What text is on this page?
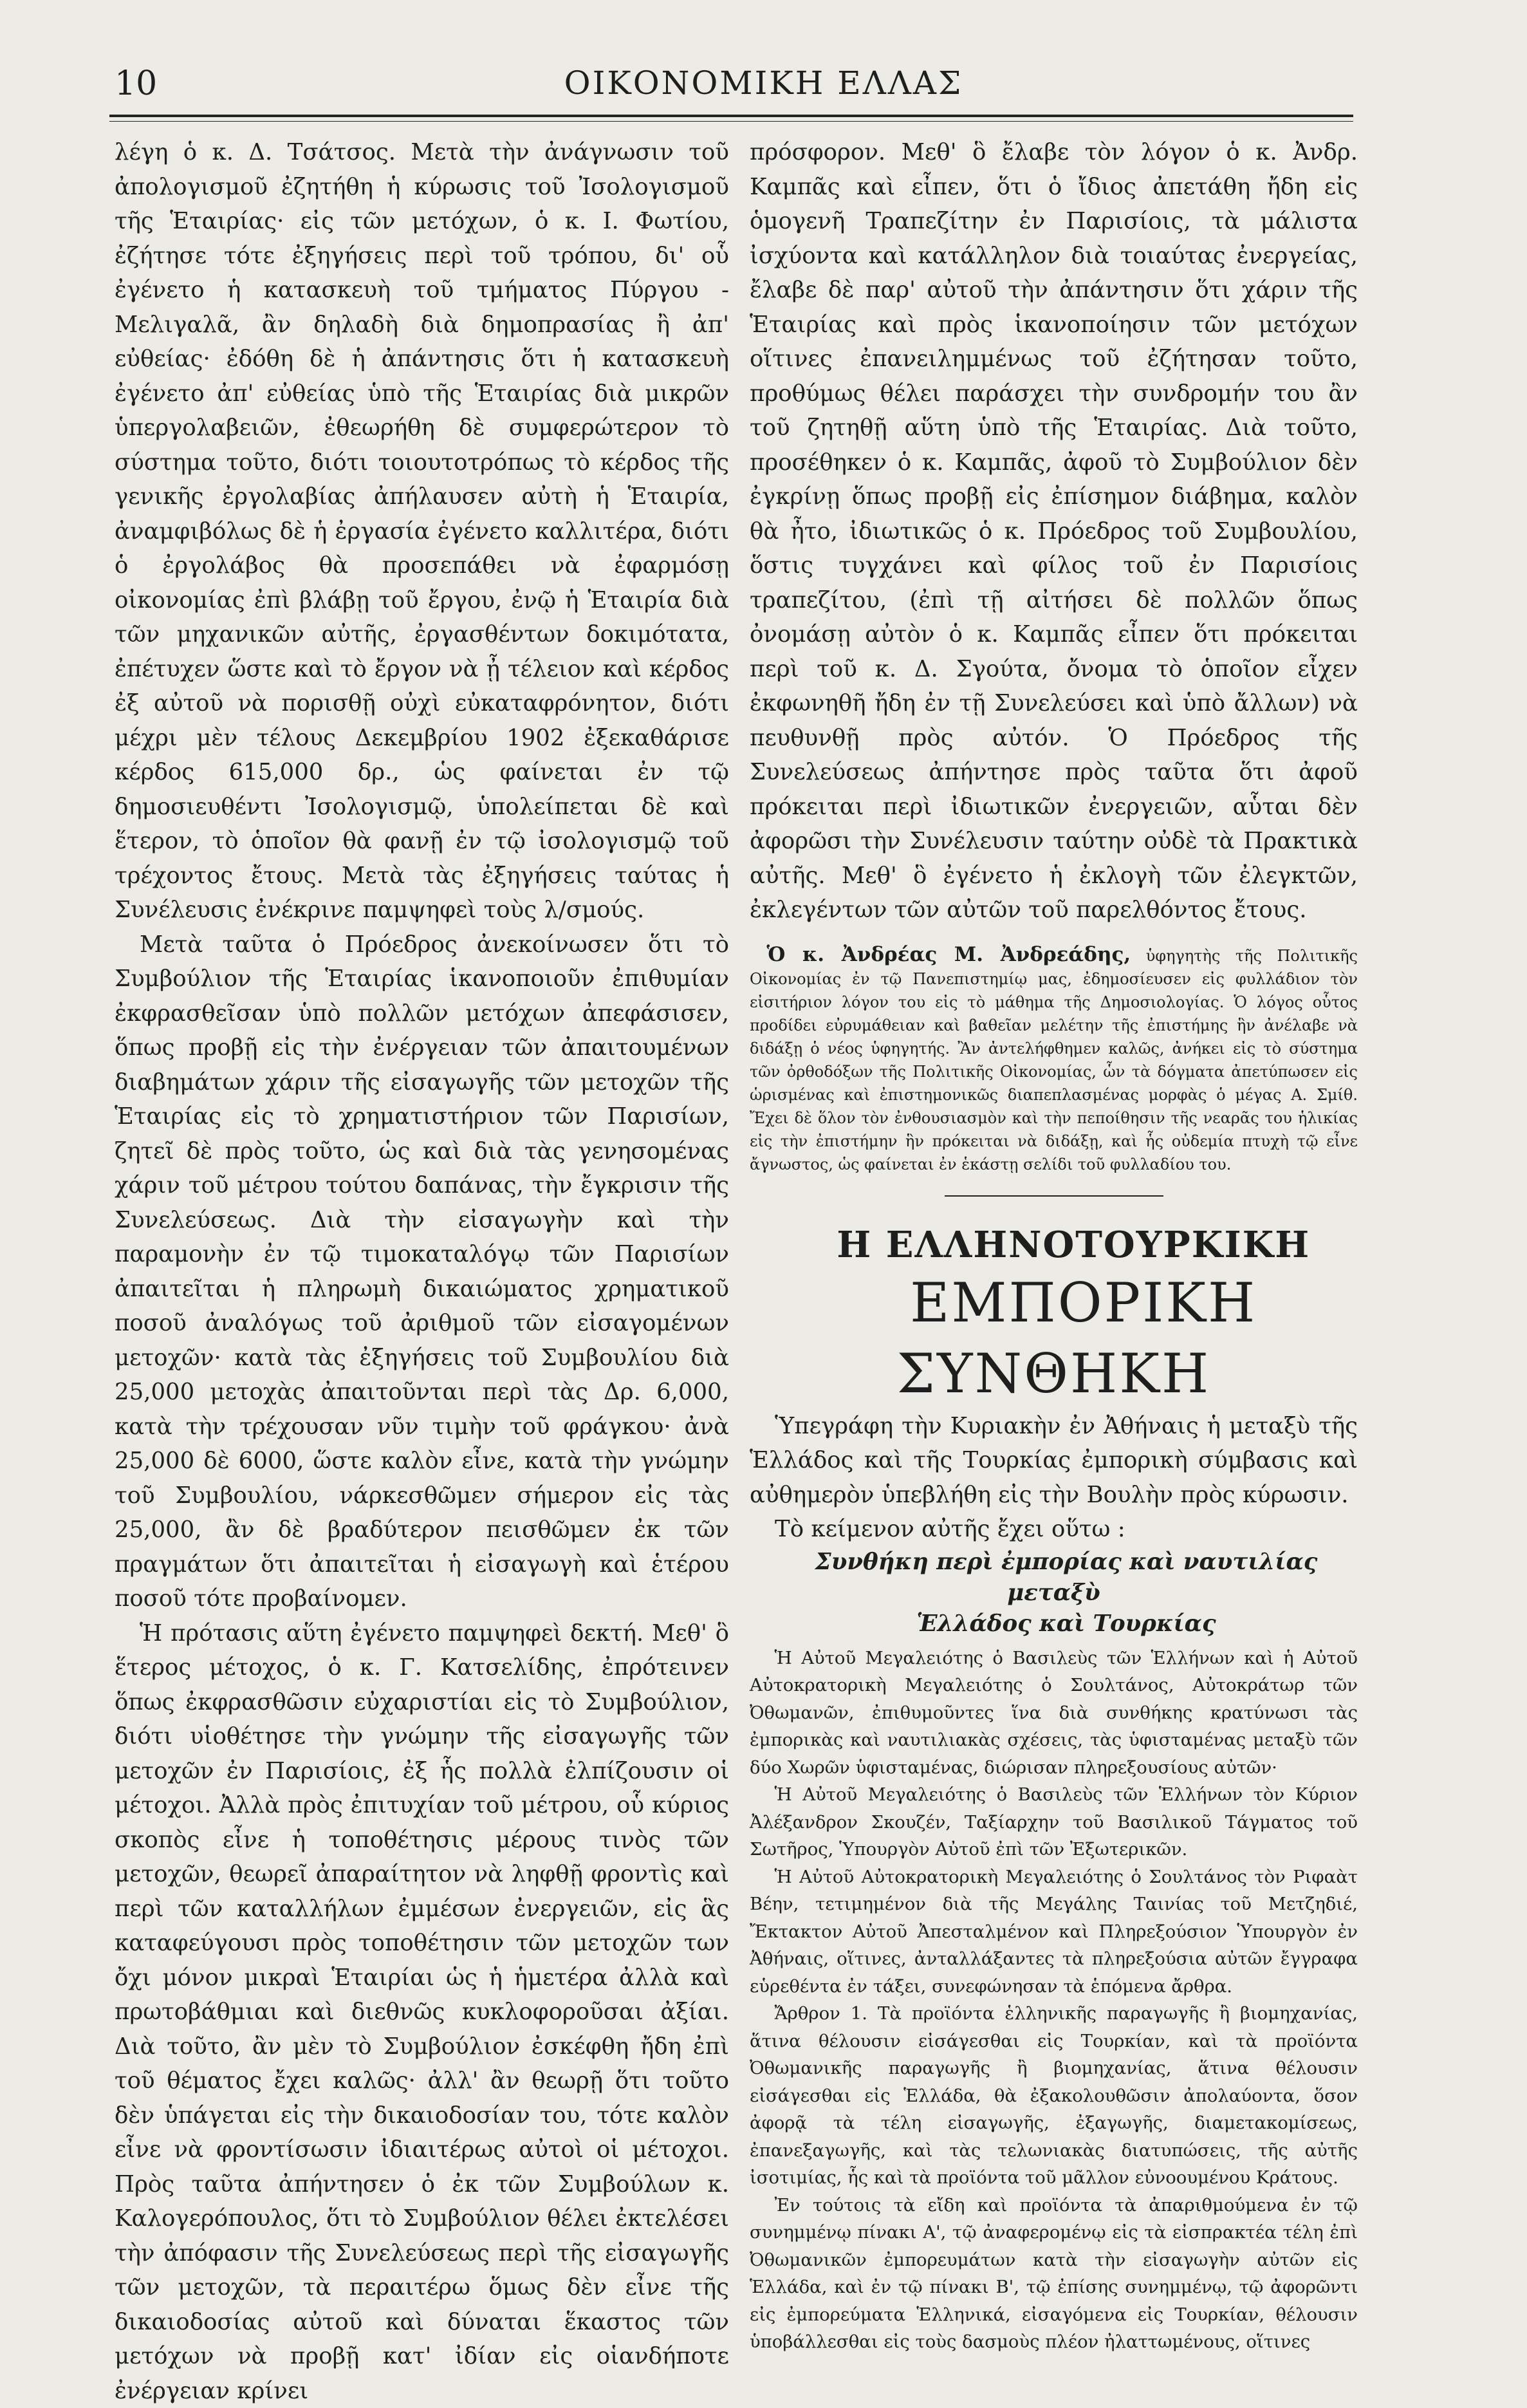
10	ΟΙΚΟΝΟΜΙΚΗ ΕΛΛΑΣ

λέγη ὁ κ. Δ. Τσάτσος. Μετὰ τὴν ἀνάγνωσιν τοῦ ἀπολογισμοῦ ἐζητήθη ἡ κύρωσις τοῦ Ἰσολογισμοῦ τῆς Ἑταιρίας· εἰς τῶν μετόχων, ὁ κ. Ι. Φωτίου, ἐζήτησε τότε ἐξηγήσεις περὶ τοῦ τρόπου, δι' οὗ ἐγένετο ἡ κατασκευὴ τοῦ τμήματος Πύργου - Μελιγαλᾶ, ἂν δηλαδὴ διὰ δημοπρασίας ἢ ἀπ' εὐθείας· ἐδόθη δὲ ἡ ἀπάντησις ὅτι ἡ κατασκευὴ ἐγένετο ἀπ' εὐθείας ὑπὸ τῆς Ἑταιρίας διὰ μικρῶν ὑπεργολαβειῶν, ἐθεωρήθη δὲ συμφερώτερον τὸ σύστημα τοῦτο, διότι τοιουτοτρόπως τὸ κέρδος τῆς γενικῆς ἐργολαβίας ἀπήλαυσεν αὐτὴ ἡ Ἑταιρία, ἀναμφιβόλως δὲ ἡ ἐργασία ἐγένετο καλλιτέρα, διότι ὁ ἐργολάβος θὰ προσεπάθει νὰ ἐφαρμόσῃ οἰκονομίας ἐπὶ βλάβῃ τοῦ ἔργου, ἐνῷ ἡ Ἑταιρία διὰ τῶν μηχανικῶν αὐτῆς, ἐργασθέντων δοκιμότατα, ἐπέτυχεν ὥστε καὶ τὸ ἔργον νὰ ᾖ τέλειον καὶ κέρδος ἐξ αὐτοῦ νὰ πορισθῇ οὐχὶ εὐκαταφρόνητον, διότι μέχρι μὲν τέλους Δεκεμβρίου 1902 ἐξεκαθάρισε κέρδος 615,000 δρ., ὡς φαίνεται ἐν τῷ δημοσιευθέντι Ἰσολογισμῷ, ὑπολείπεται δὲ καὶ ἕτερον, τὸ ὁποῖον θὰ φανῇ ἐν τῷ ἰσολογισμῷ τοῦ τρέχοντος ἔτους. Μετὰ τὰς ἐξηγήσεις ταύτας ἡ Συνέλευσις ἐνέκρινε παμψηφεὶ τοὺς λ/σμούς.

Μετὰ ταῦτα ὁ Πρόεδρος ἀνεκοίνωσεν ὅτι τὸ Συμβούλιον τῆς Ἑταιρίας ἱκανοποιοῦν ἐπιθυμίαν ἐκφρασθεῖσαν ὑπὸ πολλῶν μετόχων ἀπεφάσισεν, ὅπως προβῇ εἰς τὴν ἐνέργειαν τῶν ἀπαιτουμένων διαβημάτων χάριν τῆς εἰσαγωγῆς τῶν μετοχῶν τῆς Ἑταιρίας εἰς τὸ χρηματιστήριον τῶν Παρισίων, ζητεῖ δὲ πρὸς τοῦτο, ὡς καὶ διὰ τὰς γενησομένας χάριν τοῦ μέτρου τούτου δαπάνας, τὴν ἔγκρισιν τῆς Συνελεύσεως. Διὰ τὴν εἰσαγωγὴν καὶ τὴν παραμονὴν ἐν τῷ τιμοκαταλόγῳ τῶν Παρισίων ἀπαιτεῖται ἡ πληρωμὴ δικαιώματος χρηματικοῦ ποσοῦ ἀναλόγως τοῦ ἀριθμοῦ τῶν εἰσαγομένων μετοχῶν· κατὰ τὰς ἐξηγήσεις τοῦ Συμβουλίου διὰ 25,000 μετοχὰς ἀπαιτοῦνται περὶ τὰς Δρ. 6,000, κατὰ τὴν τρέχουσαν νῦν τιμὴν τοῦ φράγκου· ἀνὰ 25,000 δὲ 6000, ὥστε καλὸν εἶνε, κατὰ τὴν γνώμην τοῦ Συμβουλίου, νάρκεσθῶμεν σήμερον εἰς τὰς 25,000, ἂν δὲ βραδύτερον πεισθῶμεν ἐκ τῶν πραγμάτων ὅτι ἀπαιτεῖται ἡ εἰσαγωγὴ καὶ ἑτέρου ποσοῦ τότε προβαίνομεν.

Ἡ πρότασις αὕτη ἐγένετο παμψηφεὶ δεκτή. Μεθ' ὃ ἕτερος μέτοχος, ὁ κ. Γ. Κατσελίδης, ἐπρότεινεν ὅπως ἐκφρασθῶσιν εὐχαριστίαι εἰς τὸ Συμβούλιον, διότι υἱοθέτησε τὴν γνώμην τῆς εἰσαγωγῆς τῶν μετοχῶν ἐν Παρισίοις, ἐξ ἧς πολλὰ ἐλπίζουσιν οἱ μέτοχοι. Ἀλλὰ πρὸς ἐπιτυχίαν τοῦ μέτρου, οὗ κύριος σκοπὸς εἶνε ἡ τοποθέτησις μέρους τινὸς τῶν μετοχῶν, θεωρεῖ ἀπαραίτητον νὰ ληφθῇ φροντὶς καὶ περὶ τῶν καταλλήλων ἐμμέσων ἐνεργειῶν, εἰς ἃς καταφεύγουσι πρὸς τοποθέτησιν τῶν μετοχῶν των ὄχι μόνον μικραὶ Ἑταιρίαι ὡς ἡ ἡμετέρα ἀλλὰ καὶ πρωτοβάθμιαι καὶ διεθνῶς κυκλοφοροῦσαι ἀξίαι. Διὰ τοῦτο, ἂν μὲν τὸ Συμβούλιον ἐσκέφθη ἤδη ἐπὶ τοῦ θέματος ἔχει καλῶς· ἀλλ' ἂν θεωρῇ ὅτι τοῦτο δὲν ὑπάγεται εἰς τὴν δικαιοδοσίαν του, τότε καλὸν εἶνε νὰ φροντίσωσιν ἰδιαιτέρως αὐτοὶ οἱ μέτοχοι. Πρὸς ταῦτα ἀπήντησεν ὁ ἐκ τῶν Συμβούλων κ. Καλογερόπουλος, ὅτι τὸ Συμβούλιον θέλει ἐκτελέσει τὴν ἀπόφασιν τῆς Συνελεύσεως περὶ τῆς εἰσαγωγῆς τῶν μετοχῶν, τὰ περαιτέρω ὅμως δὲν εἶνε τῆς δικαιοδοσίας αὐτοῦ καὶ δύναται ἕκαστος τῶν μετόχων νὰ προβῇ κατ' ἰδίαν εἰς οἱανδήποτε ἐνέργειαν κρίνει

πρόσφορον. Μεθ' ὃ ἔλαβε τὸν λόγον ὁ κ. Ἀνδρ. Καμπᾶς καὶ εἶπεν, ὅτι ὁ ἴδιος ἀπετάθη ἤδη εἰς ὁμογενῆ Τραπεζίτην ἐν Παρισίοις, τὰ μάλιστα ἰσχύοντα καὶ κατάλληλον διὰ τοιαύτας ἐνεργείας, ἔλαβε δὲ παρ' αὐτοῦ τὴν ἀπάντησιν ὅτι χάριν τῆς Ἑταιρίας καὶ πρὸς ἱκανοποίησιν τῶν μετόχων οἵτινες ἐπανειλημμένως τοῦ ἐζήτησαν τοῦτο, προθύμως θέλει παράσχει τὴν συνδρομήν του ἂν τοῦ ζητηθῇ αὕτη ὑπὸ τῆς Ἑταιρίας. Διὰ τοῦτο, προσέθηκεν ὁ κ. Καμπᾶς, ἀφοῦ τὸ Συμβούλιον δὲν ἐγκρίνῃ ὅπως προβῇ εἰς ἐπίσημον διάβημα, καλὸν θὰ ἦτο, ἰδιωτικῶς ὁ κ. Πρόεδρος τοῦ Συμβουλίου, ὅστις τυγχάνει καὶ φίλος τοῦ ἐν Παρισίοις τραπεζίτου, (ἐπὶ τῇ αἰτήσει δὲ πολλῶν ὅπως ὀνομάσῃ αὐτὸν ὁ κ. Καμπᾶς εἶπεν ὅτι πρόκειται περὶ τοῦ κ. Δ. Σγούτα, ὄνομα τὸ ὁποῖον εἶχεν ἐκφωνηθῆ ἤδη ἐν τῇ Συνελεύσει καὶ ὑπὸ ἄλλων) νὰ πευθυνθῇ πρὸς αὐτόν. Ὁ Πρόεδρος τῆς Συνελεύσεως ἀπήντησε πρὸς ταῦτα ὅτι ἀφοῦ πρόκειται περὶ ἰδιωτικῶν ἐνεργειῶν, αὗται δὲν ἀφορῶσι τὴν Συνέλευσιν ταύτην οὐδὲ τὰ Πρακτικὰ αὐτῆς. Μεθ' ὃ ἐγένετο ἡ ἐκλογὴ τῶν ἐλεγκτῶν, ἐκλεγέντων τῶν αὐτῶν τοῦ παρελθόντος ἔτους.

Ὁ κ. Ἀνδρέας Μ. Ἀνδρεάδης, ὑφηγητὴς τῆς Πολιτικῆς Οἰκονομίας ἐν τῷ Πανεπιστημίῳ μας, ἐδημοσίευσεν εἰς φυλλάδιον τὸν εἰσιτήριον λόγον του εἰς τὸ μάθημα τῆς Δημοσιολογίας. Ὁ λόγος οὗτος προδίδει εὐρυμάθειαν καὶ βαθεῖαν μελέτην τῆς ἐπιστήμης ἣν ἀνέλαβε νὰ διδάξῃ ὁ νέος ὑφηγητής. Ἂν ἀντελήφθημεν καλῶς, ἀνήκει εἰς τὸ σύστημα τῶν ὀρθοδόξων τῆς Πολιτικῆς Οἰκονομίας, ὧν τὰ δόγματα ἀπετύπωσεν εἰς ὡρισμένας καὶ ἐπιστημονικῶς διαπεπλασμένας μορφὰς ὁ μέγας Α. Σμίθ. Ἔχει δὲ ὅλον τὸν ἐνθουσιασμὸν καὶ τὴν πεποίθησιν τῆς νεαρᾶς του ἡλικίας εἰς τὴν ἐπιστήμην ἣν πρόκειται νὰ διδάξῃ, καὶ ἧς οὐδεμία πτυχὴ τῷ εἶνε ἄγνωστος, ὡς φαίνεται ἐν ἑκάστῃ σελίδι τοῦ φυλλαδίου του.

Η ΕΛΛΗΝΟΤΟΥΡΚΙΚΗ

ΕΜΠΟΡΙΚΗ ΣΥΝΘΗΚΗ

Ὑπεγράφη τὴν Κυριακὴν ἐν Ἀθήναις ἡ μεταξὺ τῆς Ἑλλάδος καὶ τῆς Τουρκίας ἐμπορικὴ σύμβασις καὶ αὐθημερὸν ὑπεβλήθη εἰς τὴν Βουλὴν πρὸς κύρωσιν.

Τὸ κείμενον αὐτῆς ἔχει οὕτω :

Συνθήκη περὶ ἐμπορίας καὶ ναυτιλίας μεταξὺ

Ἑλλάδος καὶ Τουρκίας

Ἡ Αὐτοῦ Μεγαλειότης ὁ Βασιλεὺς τῶν Ἑλλήνων καὶ ἡ Αὐτοῦ Αὐτοκρατορικὴ Μεγαλειότης ὁ Σουλτάνος, Αὐτοκράτωρ τῶν Ὀθωμανῶν, ἐπιθυμοῦντες ἵνα διὰ συνθήκης κρατύνωσι τὰς ἐμπορικὰς καὶ ναυτιλιακὰς σχέσεις, τὰς ὑφισταμένας μεταξὺ τῶν δύο Χωρῶν ὑφισταμένας, διώρισαν πληρεξουσίους αὐτῶν·

Ἡ Αὐτοῦ Μεγαλειότης ὁ Βασιλεὺς τῶν Ἑλλήνων τὸν Κύριον Ἀλέξανδρον Σκουζέν, Ταξίαρχην τοῦ Βασιλικοῦ Τάγματος τοῦ Σωτῆρος, Ὑπουργὸν Αὐτοῦ ἐπὶ τῶν Ἐξωτερικῶν.

Ἡ Αὐτοῦ Αὐτοκρατορικὴ Μεγαλειότης ὁ Σουλτάνος τὸν Ριφαὰτ Βέην, τετιμημένον διὰ τῆς Μεγάλης Ταινίας τοῦ Μετζηδιέ, Ἔκτακτον Αὐτοῦ Ἀπεσταλμένον καὶ Πληρεξούσιον Ὑπουργὸν ἐν Ἀθήναις, οἵτινες, ἀνταλλάξαντες τὰ πληρεξούσια αὐτῶν ἔγγραφα εὑρεθέντα ἐν τάξει, συνεφώνησαν τὰ ἑπόμενα ἄρθρα.

Ἄρθρον 1. Τὰ προϊόντα ἑλληνικῆς παραγωγῆς ἢ βιομηχανίας, ἅτινα θέλουσιν εἰσάγεσθαι εἰς Τουρκίαν, καὶ τὰ προϊόντα Ὀθωμανικῆς παραγωγῆς ἢ βιομηχανίας, ἅτινα θέλουσιν εἰσάγεσθαι εἰς Ἑλλάδα, θὰ ἐξακολουθῶσιν ἀπολαύοντα, ὅσον ἀφορᾷ τὰ τέλη εἰσαγωγῆς, ἐξαγωγῆς, διαμετακομίσεως, ἐπανεξαγωγῆς, καὶ τὰς τελωνιακὰς διατυπώσεις, τῆς αὐτῆς ἰσοτιμίας, ἧς καὶ τὰ προϊόντα τοῦ μᾶλλον εὐνοουμένου Κράτους.

Ἐν τούτοις τὰ εἴδη καὶ προϊόντα τὰ ἀπαριθμούμενα ἐν τῷ συνημμένῳ πίνακι Α', τῷ ἀναφερομένῳ εἰς τὰ εἰσπρακτέα τέλη ἐπὶ Ὀθωμανικῶν ἐμπορευμάτων κατὰ τὴν εἰσαγωγὴν αὐτῶν εἰς Ἑλλάδα, καὶ ἐν τῷ πίνακι Β', τῷ ἐπίσης συνημμένῳ, τῷ ἀφορῶντι εἰς ἐμπορεύματα Ἑλληνικά, εἰσαγόμενα εἰς Τουρκίαν, θέλουσιν ὑποβάλλεσθαι εἰς τοὺς δασμοὺς πλέον ἠλαττωμένους, οἵτινες
